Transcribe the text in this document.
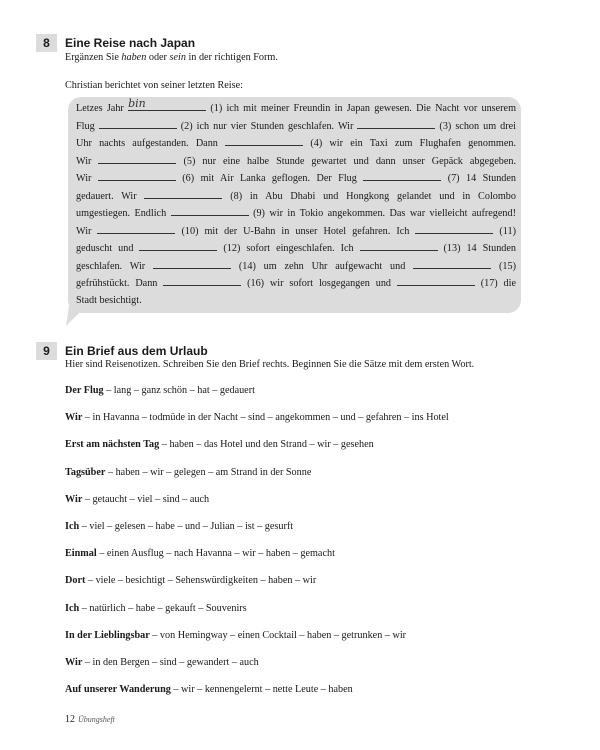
8	Eine Reise nach Japan
Ergänzen Sie haben oder sein in der richtigen Form.
Christian berichtet von seiner letzten Reise:
Letzes Jahr bin	(1) ich mit meiner Freundin in Japan gewesen. Die Nacht vor unserem
Flug	(2) ich nur vier Stunden geschlafen. Wir	(3) schon um drei
Uhr nachts aufgestanden. Dann	(4) wir ein Taxi zum Flughafen genommen.
Wir	(5) nur eine halbe Stunde gewartet und dann unser Gepäck abgegeben.
Wir	(6) mit Air Lanka geflogen. Der Flug	(7) 14 Stunden
gedauert. Wir	(8) in Abu Dhabi und Hongkong gelandet und in Colombo
umgestiegen. Endlich	(9) wir in Tokio angekommen. Das war vielleicht aufregend!
Wir	(10) mit der U-Bahn in unser Hotel gefahren. Ich	(11)
geduscht und	(12) sofort eingeschlafen. Ich	(13) 14 Stunden
geschlafen. Wir	(14) um zehn Uhr aufgewacht und	(15)
gefrühstückt. Dann	(16) wir sofort losgegangen und	(17) die
Stadt besichtigt.
9	Ein Brief aus dem Urlaub
Hier sind Reisenotizen. Schreiben Sie den Brief rechts. Beginnen Sie die Sätze mit dem ersten Wort.
Der Flug – lang – ganz schön – hat – gedauert
Wir – in Havanna – todmüde in der Nacht – sind – angekommen – und – gefahren – ins Hotel
Erst am nächsten Tag – haben – das Hotel und den Strand – wir – gesehen
Tagsüber – haben – wir – gelegen – am Strand in der Sonne
Wir – getaucht – viel – sind – auch
Ich – viel – gelesen – habe – und – Julian – ist – gesurft
Einmal – einen Ausflug – nach Havanna – wir – haben – gemacht
Dort – viele – besichtigt – Sehenswürdigkeiten – haben – wir
Ich – natürlich – habe – gekauft – Souvenirs
In der Lieblingsbar – von Hemingway – einen Cocktail – haben – getrunken – wir
Wir – in den Bergen – sind – gewandert – auch
Auf unserer Wanderung – wir – kennengelernt – nette Leute – haben
12 Übungsheft
